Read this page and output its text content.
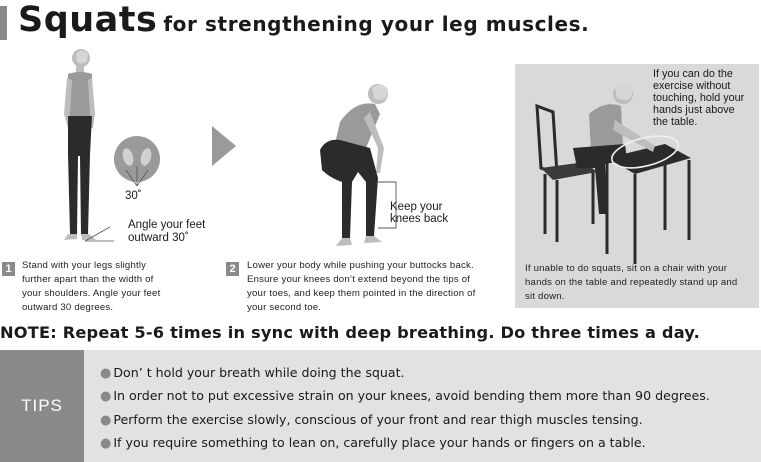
Squats for strengthening your leg muscles.
30˚
Angle your feet
outward 30˚
Keep your
knees back
If you can do the
exercise without
touching, hold your
hands just above
the table.
If unable to do squats, sit on a chair with your
hands on the table and repeatedly stand up and
sit down.
1	Stand with your legs slightly
further apart than the width of
your shoulders. Angle your feet
outward 30 degrees.
2	Lower your body while pushing your buttocks back.
Ensure your knees don’t extend beyond the tips of
your toes, and keep them pointed in the direction of
your second toe.
NOTE: Repeat 5-6 times in sync with deep breathing. Do three times a day.
TIPS
● Don’ t hold your breath while doing the squat.
● In order not to put excessive strain on your knees, avoid bending them more than 90 degrees.
● Perform the exercise slowly, conscious of your front and rear thigh muscles tensing.
● If you require something to lean on, carefully place your hands or fingers on a table.
